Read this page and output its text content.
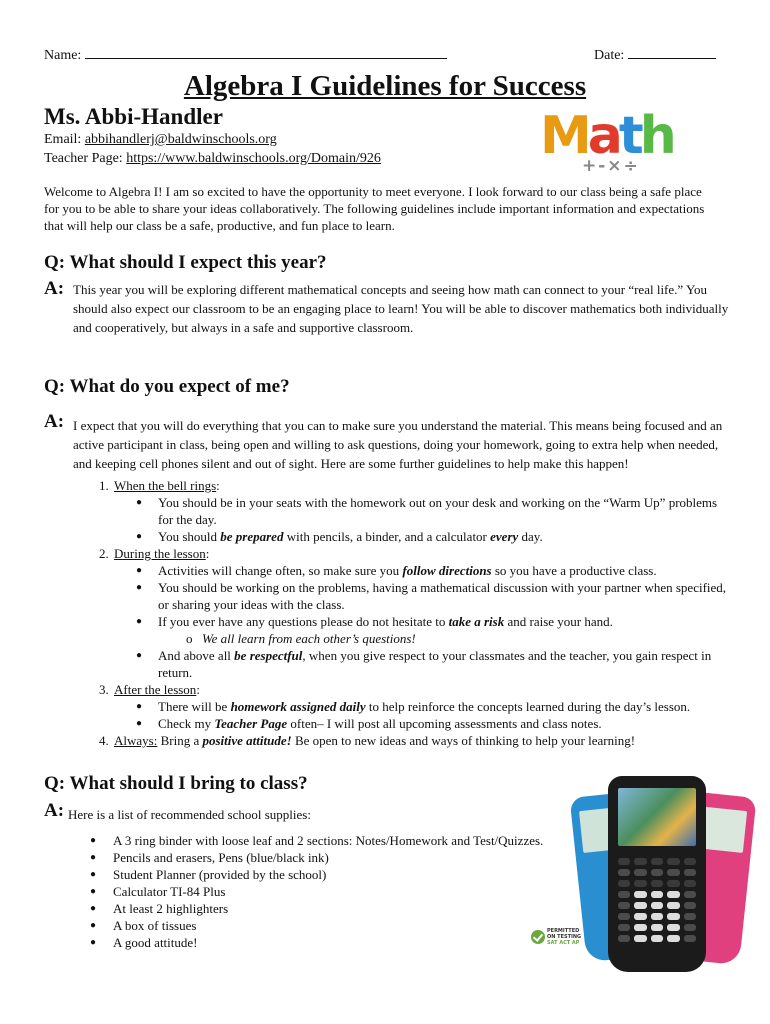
Name:	Date:
Algebra I Guidelines for Success
Ms. Abbi-Handler
Email: abbihandlerj@baldwinschools.org
Teacher Page: https://www.baldwinschools.org/Domain/926	Math
+-×÷
Welcome to Algebra I! I am so excited to have the opportunity to meet everyone. I look forward to our class being a safe place for you to be able to share your ideas collaboratively. The following guidelines include important information and expectations that will help our class be a safe, productive, and fun place to learn.
Q: What should I expect this year?
A: This year you will be exploring different mathematical concepts and seeing how math can connect to your “real life.” You should also expect our classroom to be an engaging place to learn! You will be able to discover mathematics both individually and cooperatively, but always in a safe and supportive classroom.
Q: What do you expect of me?
A: I expect that you will do everything that you can to make sure you understand the material. This means being focused and an active participant in class, being open and willing to ask questions, doing your homework, going to extra help when needed, and keeping cell phones silent and out of sight. Here are some further guidelines to help make this happen!
1. When the bell rings:
● You should be in your seats with the homework out on your desk and working on the “Warm Up” problems for the day.
● You should be prepared with pencils, a binder, and a calculator every day.
2. During the lesson:
● Activities will change often, so make sure you follow directions so you have a productive class.
● You should be working on the problems, having a mathematical discussion with your partner when specified, or sharing your ideas with the class.
● If you ever have any questions please do not hesitate to take a risk and raise your hand.
o We all learn from each other’s questions!
● And above all be respectful, when you give respect to your classmates and the teacher, you gain respect in return.
3. After the lesson:
● There will be homework assigned daily to help reinforce the concepts learned during the day’s lesson.
● Check my Teacher Page often– I will post all upcoming assessments and class notes.
4. Always: Bring a positive attitude! Be open to new ideas and ways of thinking to help your learning!
Q: What should I bring to class?
A: Here is a list of recommended school supplies:
● A 3 ring binder with loose leaf and 2 sections: Notes/Homework and Test/Quizzes.
● Pencils and erasers, Pens (blue/black ink)
● Student Planner (provided by the school)
● Calculator TI-84 Plus
● At least 2 highlighters
● A box of tissues
● A good attitude!
PERMITTED
ON TESTING
SAT ACT AP
